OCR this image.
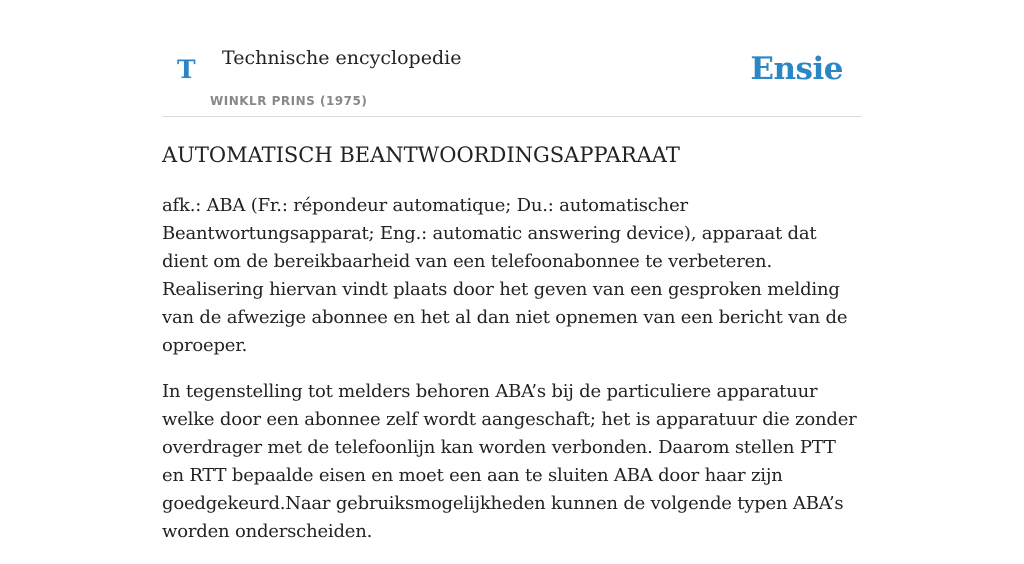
T Technische encyclopedie
WINKLR PRINS (1975)
Ensie
AUTOMATISCH BEANTWOORDINGSAPPARAAT

afk.: ABA (Fr.: répondeur automatique; Du.: automatischer Beantwortungsapparat; Eng.: automatic answering device), apparaat dat dient om de bereikbaarheid van een telefoonabonnee te verbeteren. Realisering hiervan vindt plaats door het geven van een gesproken melding van de afwezige abonnee en het al dan niet opnemen van een bericht van de oproeper.

In tegenstelling tot melders behoren ABA’s bij de particuliere apparatuur welke door een abonnee zelf wordt aangeschaft; het is apparatuur die zonder overdrager met de telefoonlijn kan worden verbonden. Daarom stellen PTT en RTT bepaalde eisen en moet een aan te sluiten ABA door haar zijn goedgekeurd.Naar gebruiksmogelijkheden kunnen de volgende typen ABA’s worden onderscheiden.
